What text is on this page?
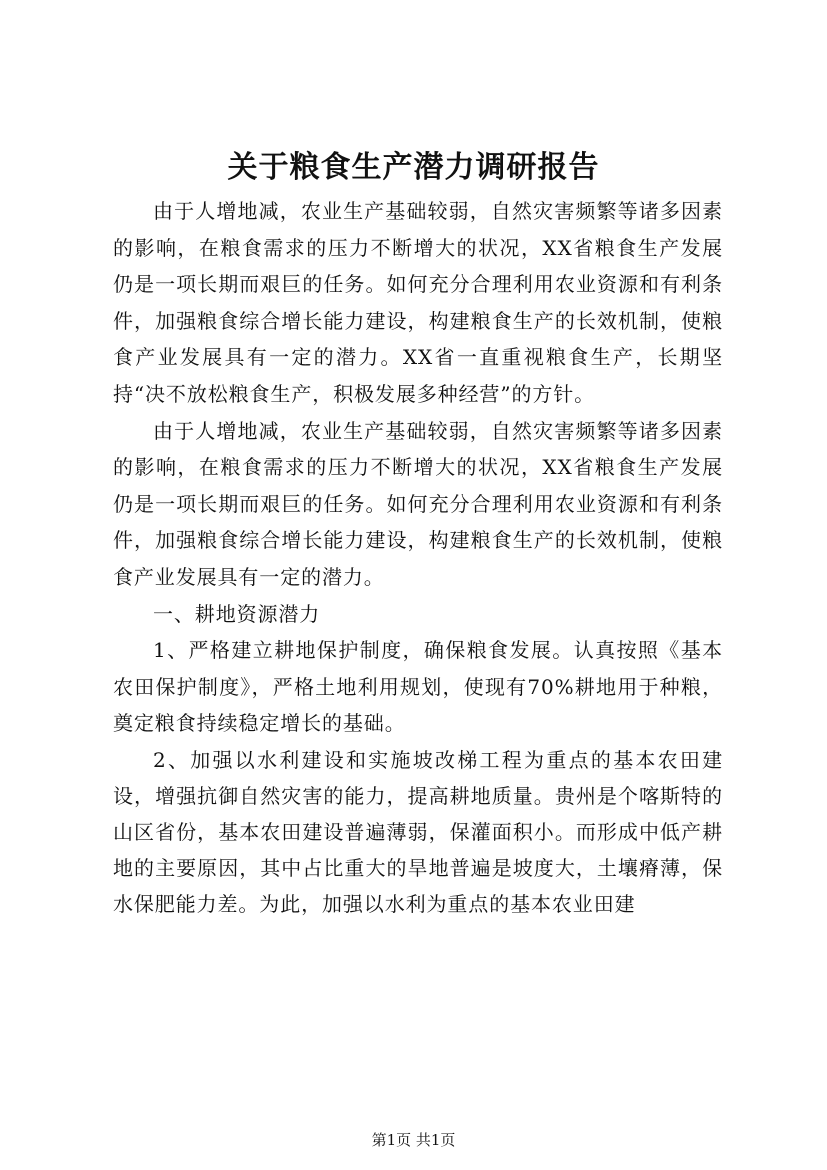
关于粮食生产潜力调研报告

由于人增地减，农业生产基础较弱，自然灾害频繁等诸多因素的影响，在粮食需求的压力不断增大的状况，XX省粮食生产发展仍是一项长期而艰巨的任务。如何充分合理利用农业资源和有利条件，加强粮食综合增长能力建设，构建粮食生产的长效机制，使粮食产业发展具有一定的潜力。XX省一直重视粮食生产，长期坚持“决不放松粮食生产，积极发展多种经营”的方针。

由于人增地减，农业生产基础较弱，自然灾害频繁等诸多因素的影响，在粮食需求的压力不断增大的状况，XX省粮食生产发展仍是一项长期而艰巨的任务。如何充分合理利用农业资源和有利条件，加强粮食综合增长能力建设，构建粮食生产的长效机制，使粮食产业发展具有一定的潜力。

一、耕地资源潜力

1、严格建立耕地保护制度，确保粮食发展。认真按照《基本农田保护制度》，严格土地利用规划，使现有70%耕地用于种粮，奠定粮食持续稳定增长的基础。

2、加强以水利建设和实施坡改梯工程为重点的基本农田建设，增强抗御自然灾害的能力，提高耕地质量。贵州是个喀斯特的山区省份，基本农田建设普遍薄弱，保灌面积小。而形成中低产耕地的主要原因，其中占比重大的旱地普遍是坡度大，土壤瘠薄，保水保肥能力差。为此，加强以水利为重点的基本农业田建

第1页 共1页
